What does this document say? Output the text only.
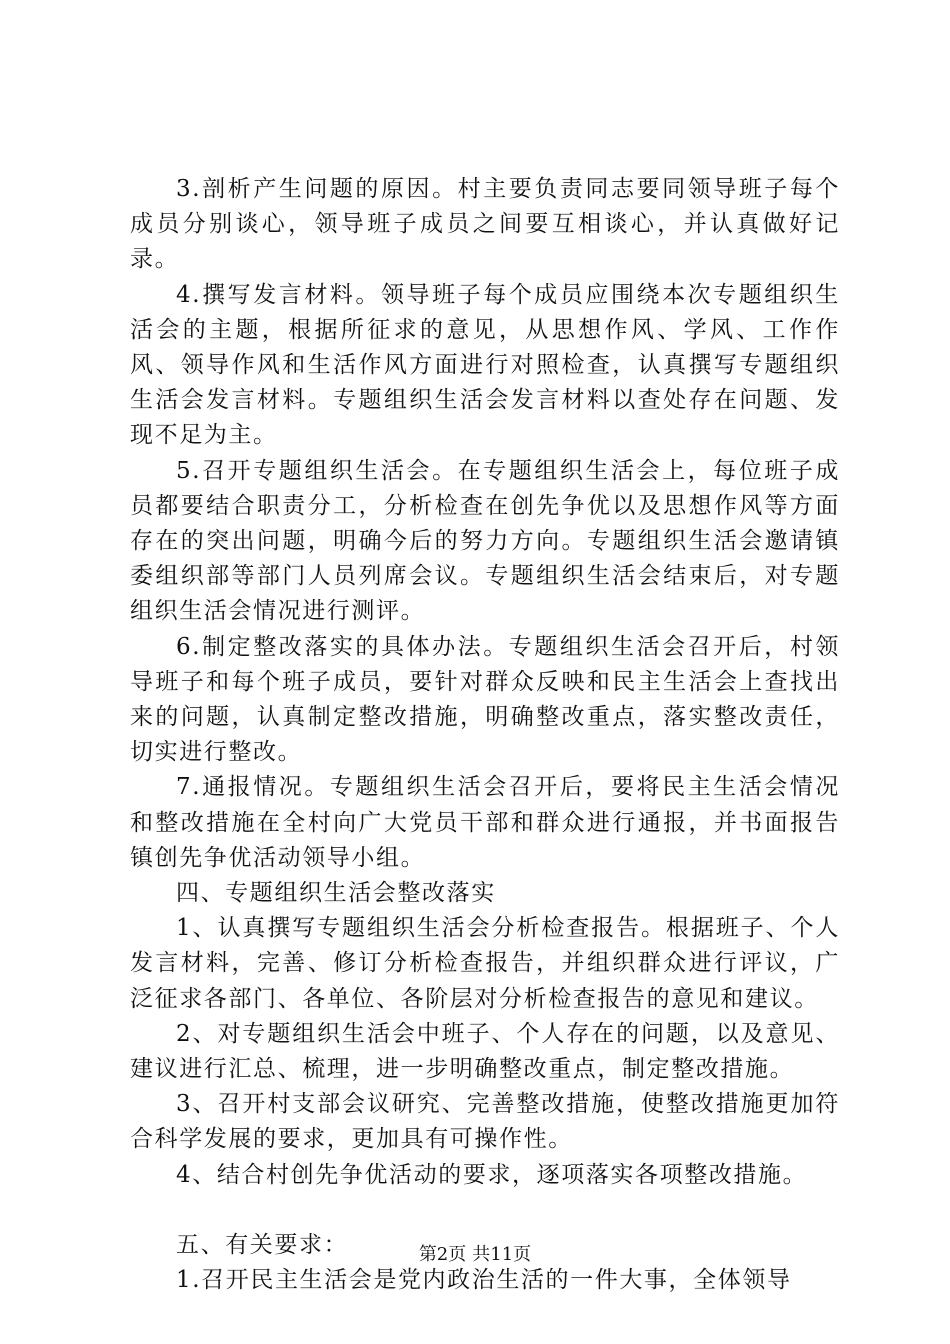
3.剖析产生问题的原因。村主要负责同志要同领导班子每个成员分别谈心，领导班子成员之间要互相谈心，并认真做好记录。

4.撰写发言材料。领导班子每个成员应围绕本次专题组织生活会的主题，根据所征求的意见，从思想作风、学风、工作作风、领导作风和生活作风方面进行对照检查，认真撰写专题组织生活会发言材料。专题组织生活会发言材料以查处存在问题、发现不足为主。

5.召开专题组织生活会。在专题组织生活会上，每位班子成员都要结合职责分工，分析检查在创先争优以及思想作风等方面存在的突出问题，明确今后的努力方向。专题组织生活会邀请镇委组织部等部门人员列席会议。专题组织生活会结束后，对专题组织生活会情况进行测评。

6.制定整改落实的具体办法。专题组织生活会召开后，村领导班子和每个班子成员，要针对群众反映和民主生活会上查找出来的问题，认真制定整改措施，明确整改重点，落实整改责任，切实进行整改。

7.通报情况。专题组织生活会召开后，要将民主生活会情况和整改措施在全村向广大党员干部和群众进行通报，并书面报告镇创先争优活动领导小组。

四、专题组织生活会整改落实

1、认真撰写专题组织生活会分析检查报告。根据班子、个人发言材料，完善、修订分析检查报告，并组织群众进行评议，广泛征求各部门、各单位、各阶层对分析检查报告的意见和建议。

2、对专题组织生活会中班子、个人存在的问题，以及意见、建议进行汇总、梳理，进一步明确整改重点，制定整改措施。

3、召开村支部会议研究、完善整改措施，使整改措施更加符合科学发展的要求，更加具有可操作性。

4、结合村创先争优活动的要求，逐项落实各项整改措施。

五、有关要求：

1.召开民主生活会是党内政治生活的一件大事，全体领导

第2页 共11页
